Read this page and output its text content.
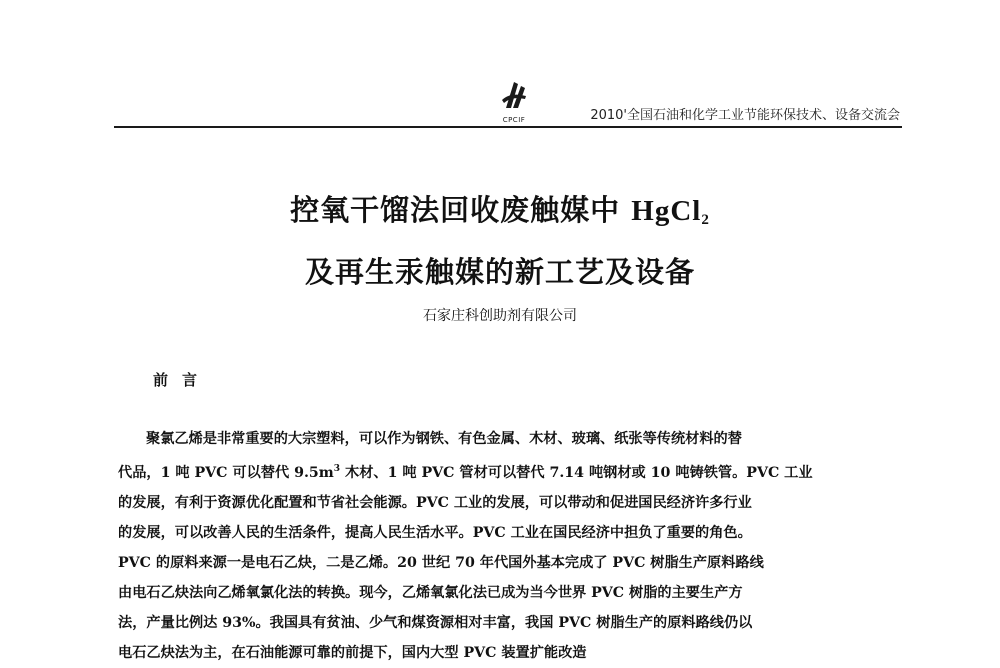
CPCIF	2010'全国石油和化学工业节能环保技术、设备交流会
控氧干馏法回收废触媒中 HgCl$_2$
及再生汞触媒的新工艺及设备
石家庄科创助剂有限公司
前言
聚氯乙烯是非常重要的大宗塑料，可以作为钢铁、有色金属、木材、玻璃、纸张等传统材料的替
代品，1 吨 PVC 可以替代 $9.5m^3$ 木材、1 吨 PVC 管材可以替代 7.14 吨钢材或 10 吨铸铁管。PVC 工业
的发展，有利于资源优化配置和节省社会能源。PVC 工业的发展，可以带动和促进国民经济许多行业
的发展，可以改善人民的生活条件，提高人民生活水平。PVC 工业在国民经济中担负了重要的角色。
PVC 的原料来源一是电石乙炔，二是乙烯。20 世纪 70 年代国外基本完成了 PVC 树脂生产原料路线
由电石乙炔法向乙烯氧氯化法的转换。现今，乙烯氧氯化法已成为当今世界 PVC 树脂的主要生产方
法，产量比例达 93%。我国具有贫油、少气和煤资源相对丰富，我国 PVC 树脂生产的原料路线仍以
电石乙炔法为主，在石油能源可靠的前提下，国内大型 PVC 装置扩能改造
